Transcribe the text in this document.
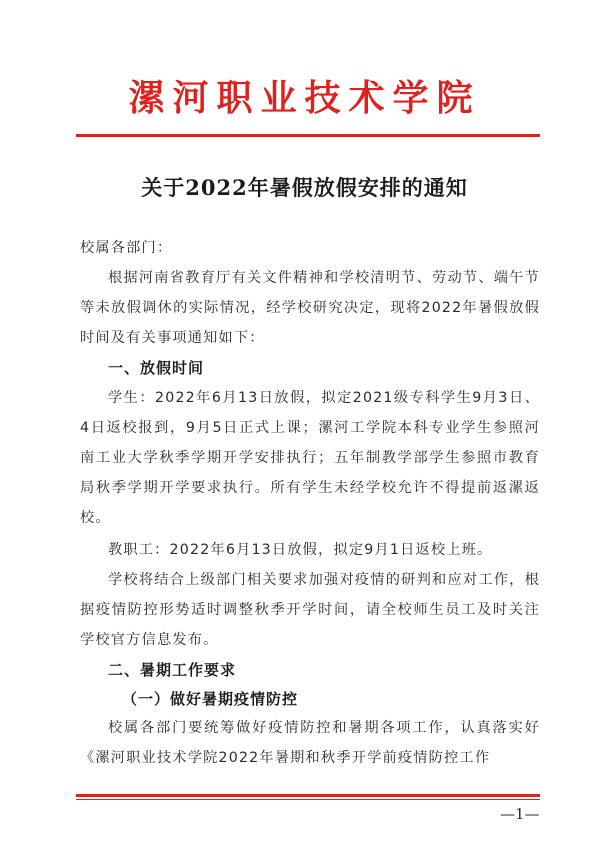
漯河职业技术学院
关于2022年暑假放假安排的通知

校属各部门：

根据河南省教育厅有关文件精神和学校清明节、劳动节、端午节等未放假调休的实际情况，经学校研究决定，现将2022年暑假放假时间及有关事项通知如下：

一、放假时间

学生：2022年6月13日放假，拟定2021级专科学生9月3日、4日返校报到，9月5日正式上课；漯河工学院本科专业学生参照河南工业大学秋季学期开学安排执行；五年制教学部学生参照市教育局秋季学期开学要求执行。所有学生未经学校允许不得提前返漯返校。

教职工：2022年6月13日放假，拟定9月1日返校上班。

学校将结合上级部门相关要求加强对疫情的研判和应对工作，根据疫情防控形势适时调整秋季开学时间，请全校师生员工及时关注学校官方信息发布。

二、暑期工作要求

（一）做好暑期疫情防控

校属各部门要统筹做好疫情防控和暑期各项工作，认真落实好《漯河职业技术学院2022年暑期和秋季开学前疫情防控工作

—1—
